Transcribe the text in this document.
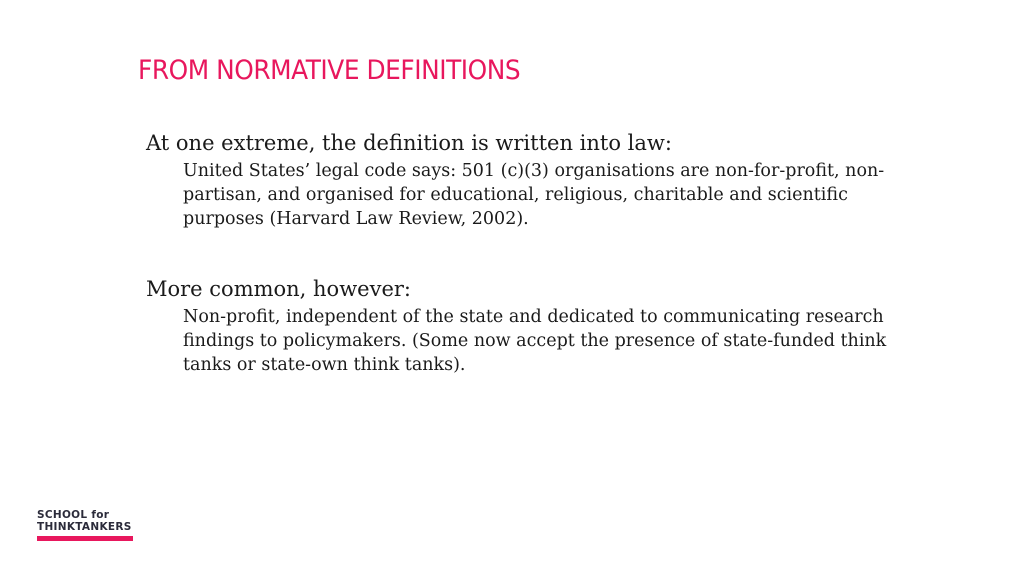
FROM NORMATIVE DEFINITIONS

At one extreme, the definition is written into law:

United States’ legal code says: 501 (c)(3) organisations are non-for-profit, non-partisan, and organised for educational, religious, charitable and scientific purposes (Harvard Law Review, 2002).

More common, however:

Non-profit, independent of the state and dedicated to communicating research findings to policymakers. (Some now accept the presence of state-funded think tanks or state-own think tanks).

SCHOOL for
THINKTANKERS
